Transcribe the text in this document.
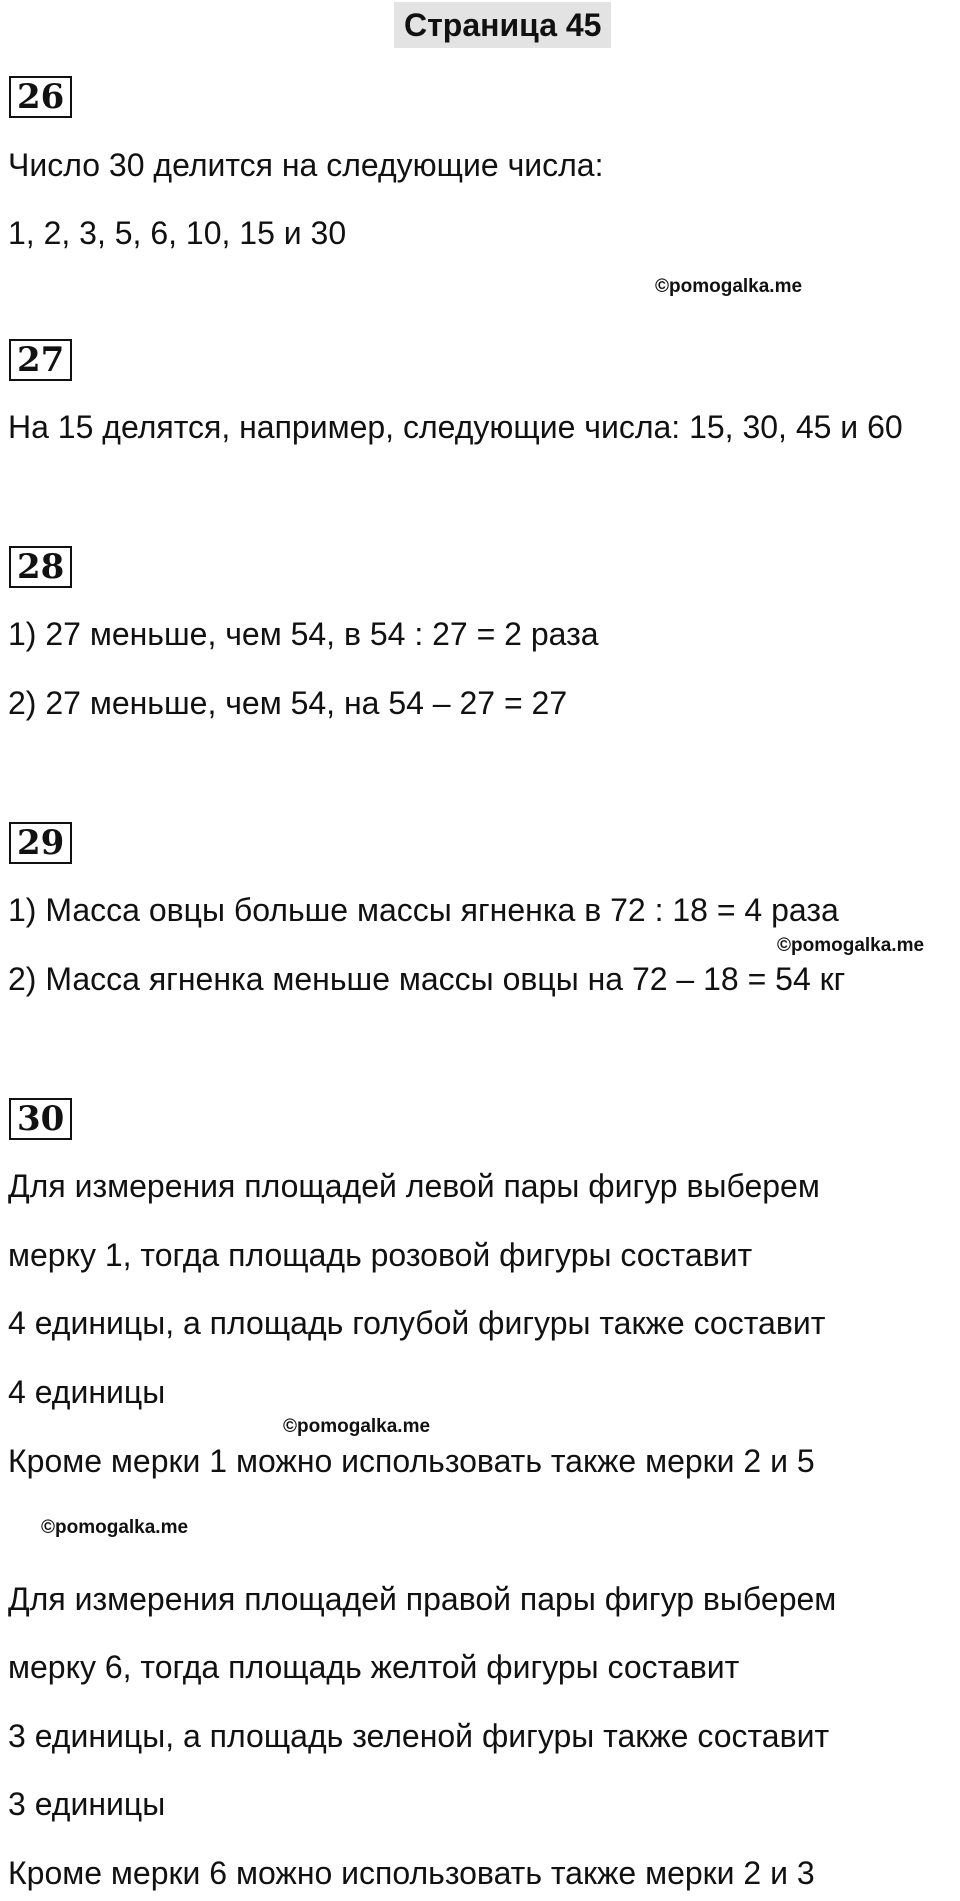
Страница 45
26
Число 30 делится на следующие числа:
1, 2, 3, 5, 6, 10, 15 и 30
©pomogalka.me
27
На 15 делятся, например, следующие числа: 15, 30, 45 и 60
28
1) 27 меньше, чем 54, в 54 : 27 = 2 раза
2) 27 меньше, чем 54, на 54 – 27 = 27
29
1) Масса овцы больше массы ягненка в 72 : 18 = 4 раза
©pomogalka.me
2) Масса ягненка меньше массы овцы на 72 – 18 = 54 кг
30
Для измерения площадей левой пары фигур выберем
мерку 1, тогда площадь розовой фигуры составит
4 единицы, а площадь голубой фигуры также составит
4 единицы
©pomogalka.me
Кроме мерки 1 можно использовать также мерки 2 и 5
©pomogalka.me
Для измерения площадей правой пары фигур выберем
мерку 6, тогда площадь желтой фигуры составит
3 единицы, а площадь зеленой фигуры также составит
3 единицы
Кроме мерки 6 можно использовать также мерки 2 и 3
